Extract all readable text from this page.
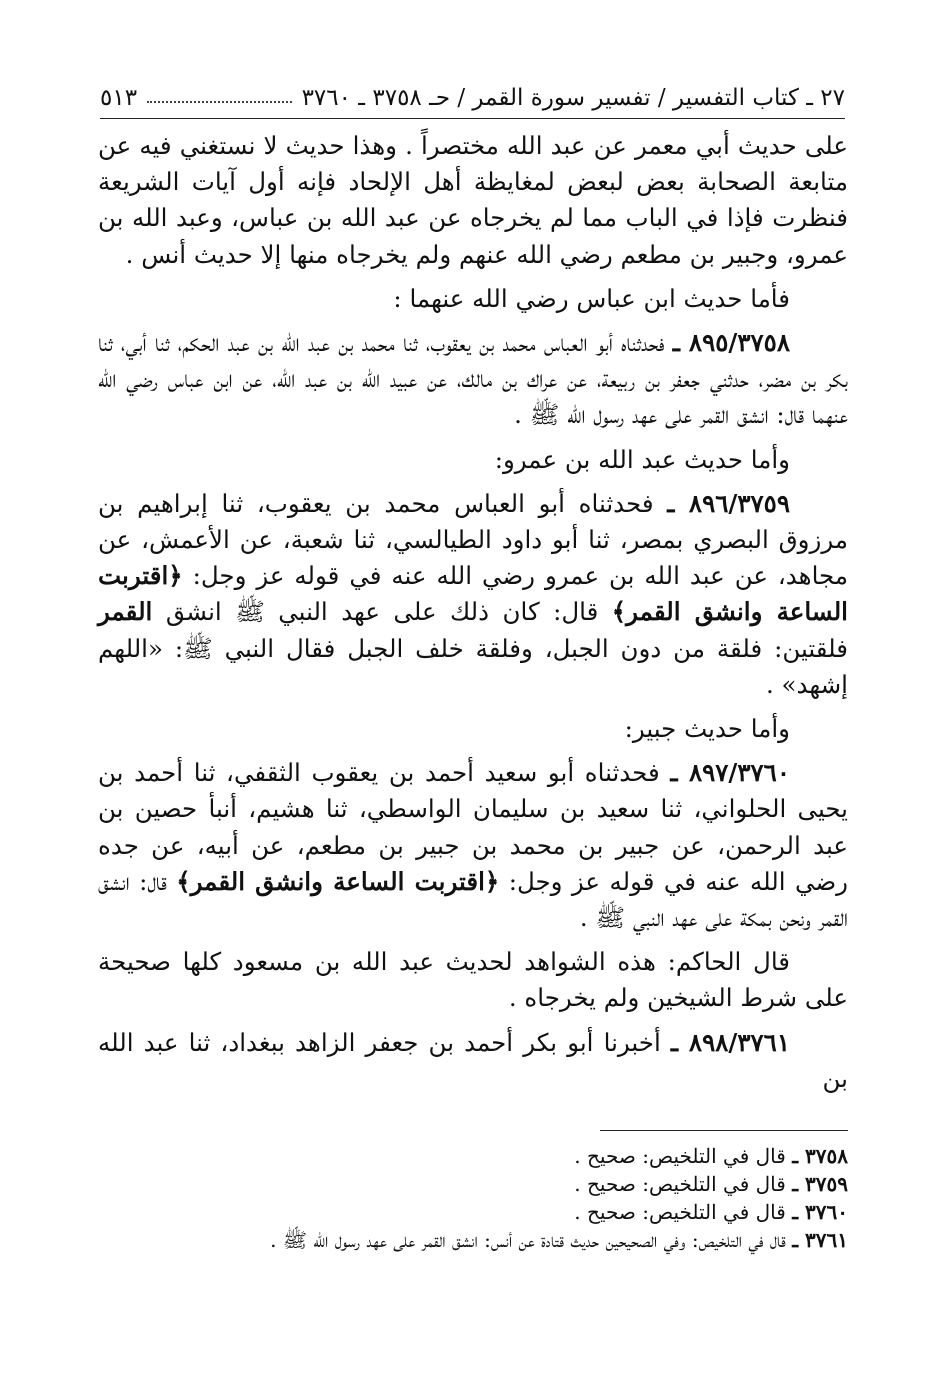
٢٧ ـ كتاب التفسير / تفسير سورة القمر / حـ ٣٧٥٨ ـ ٣٧٦٠
٥١٣

على حديث أبي معمر عن عبد الله مختصراً . وهذا حديث لا نستغني فيه عن متابعة الصحابة بعض لبعض لمغايظة أهل الإلحاد فإنه أول آيات الشريعة فنظرت فإذا في الباب مما لم يخرجاه عن عبد الله بن عباس، وعبد الله بن عمرو، وجبير بن مطعم رضي الله عنهم ولم يخرجاه منها إلا حديث أنس .

فأما حديث ابن عباس رضي الله عنهما :

٨٩٥/٣٧٥٨ ـ فحدثناه أبو العباس محمد بن يعقوب، ثنا محمد بن عبد الله بن عبد الحكم، ثنا أبي، ثنا بكر بن مضر، حدثني جعفر بن ربيعة، عن عراك بن مالك، عن عبيد الله بن عبد الله، عن ابن عباس رضي الله عنهما قال: انشق القمر على عهد رسول الله ﷺ .

وأما حديث عبد الله بن عمرو:

٨٩٦/٣٧٥٩ ـ فحدثناه أبو العباس محمد بن يعقوب، ثنا إبراهيم بن مرزوق البصري بمصر، ثنا أبو داود الطيالسي، ثنا شعبة، عن الأعمش، عن مجاهد، عن عبد الله بن عمرو رضي الله عنه في قوله عز وجل: ﴿اقتربت الساعة وانشق القمر﴾ قال: كان ذلك على عهد النبي ﷺ انشق القمر فلقتين: فلقة من دون الجبل، وفلقة خلف الجبل فقال النبي ﷺ: «اللهم إشهد» .

وأما حديث جبير:

٨٩٧/٣٧٦٠ ـ فحدثناه أبو سعيد أحمد بن يعقوب الثقفي، ثنا أحمد بن يحيى الحلواني، ثنا سعيد بن سليمان الواسطي، ثنا هشيم، أنبأ حصين بن عبد الرحمن، عن جبير بن محمد بن جبير بن مطعم، عن أبيه، عن جده رضي الله عنه في قوله عز وجل: ﴿اقتربت الساعة وانشق القمر﴾ قال: انشق القمر ونحن بمكة على عهد النبي ﷺ .

قال الحاكم: هذه الشواهد لحديث عبد الله بن مسعود كلها صحيحة على شرط الشيخين ولم يخرجاه .

٨٩٨/٣٧٦١ ـ أخبرنا أبو بكر أحمد بن جعفر الزاهد ببغداد، ثنا عبد الله بن

٣٧٥٨ ـ قال في التلخيص: صحيح .

٣٧٥٩ ـ قال في التلخيص: صحيح .

٣٧٦٠ ـ قال في التلخيص: صحيح .

٣٧٦١ ـ قال في التلخيص: وفي الصحيحين حديث قتادة عن أنس: انشق القمر على عهد رسول الله ﷺ .
